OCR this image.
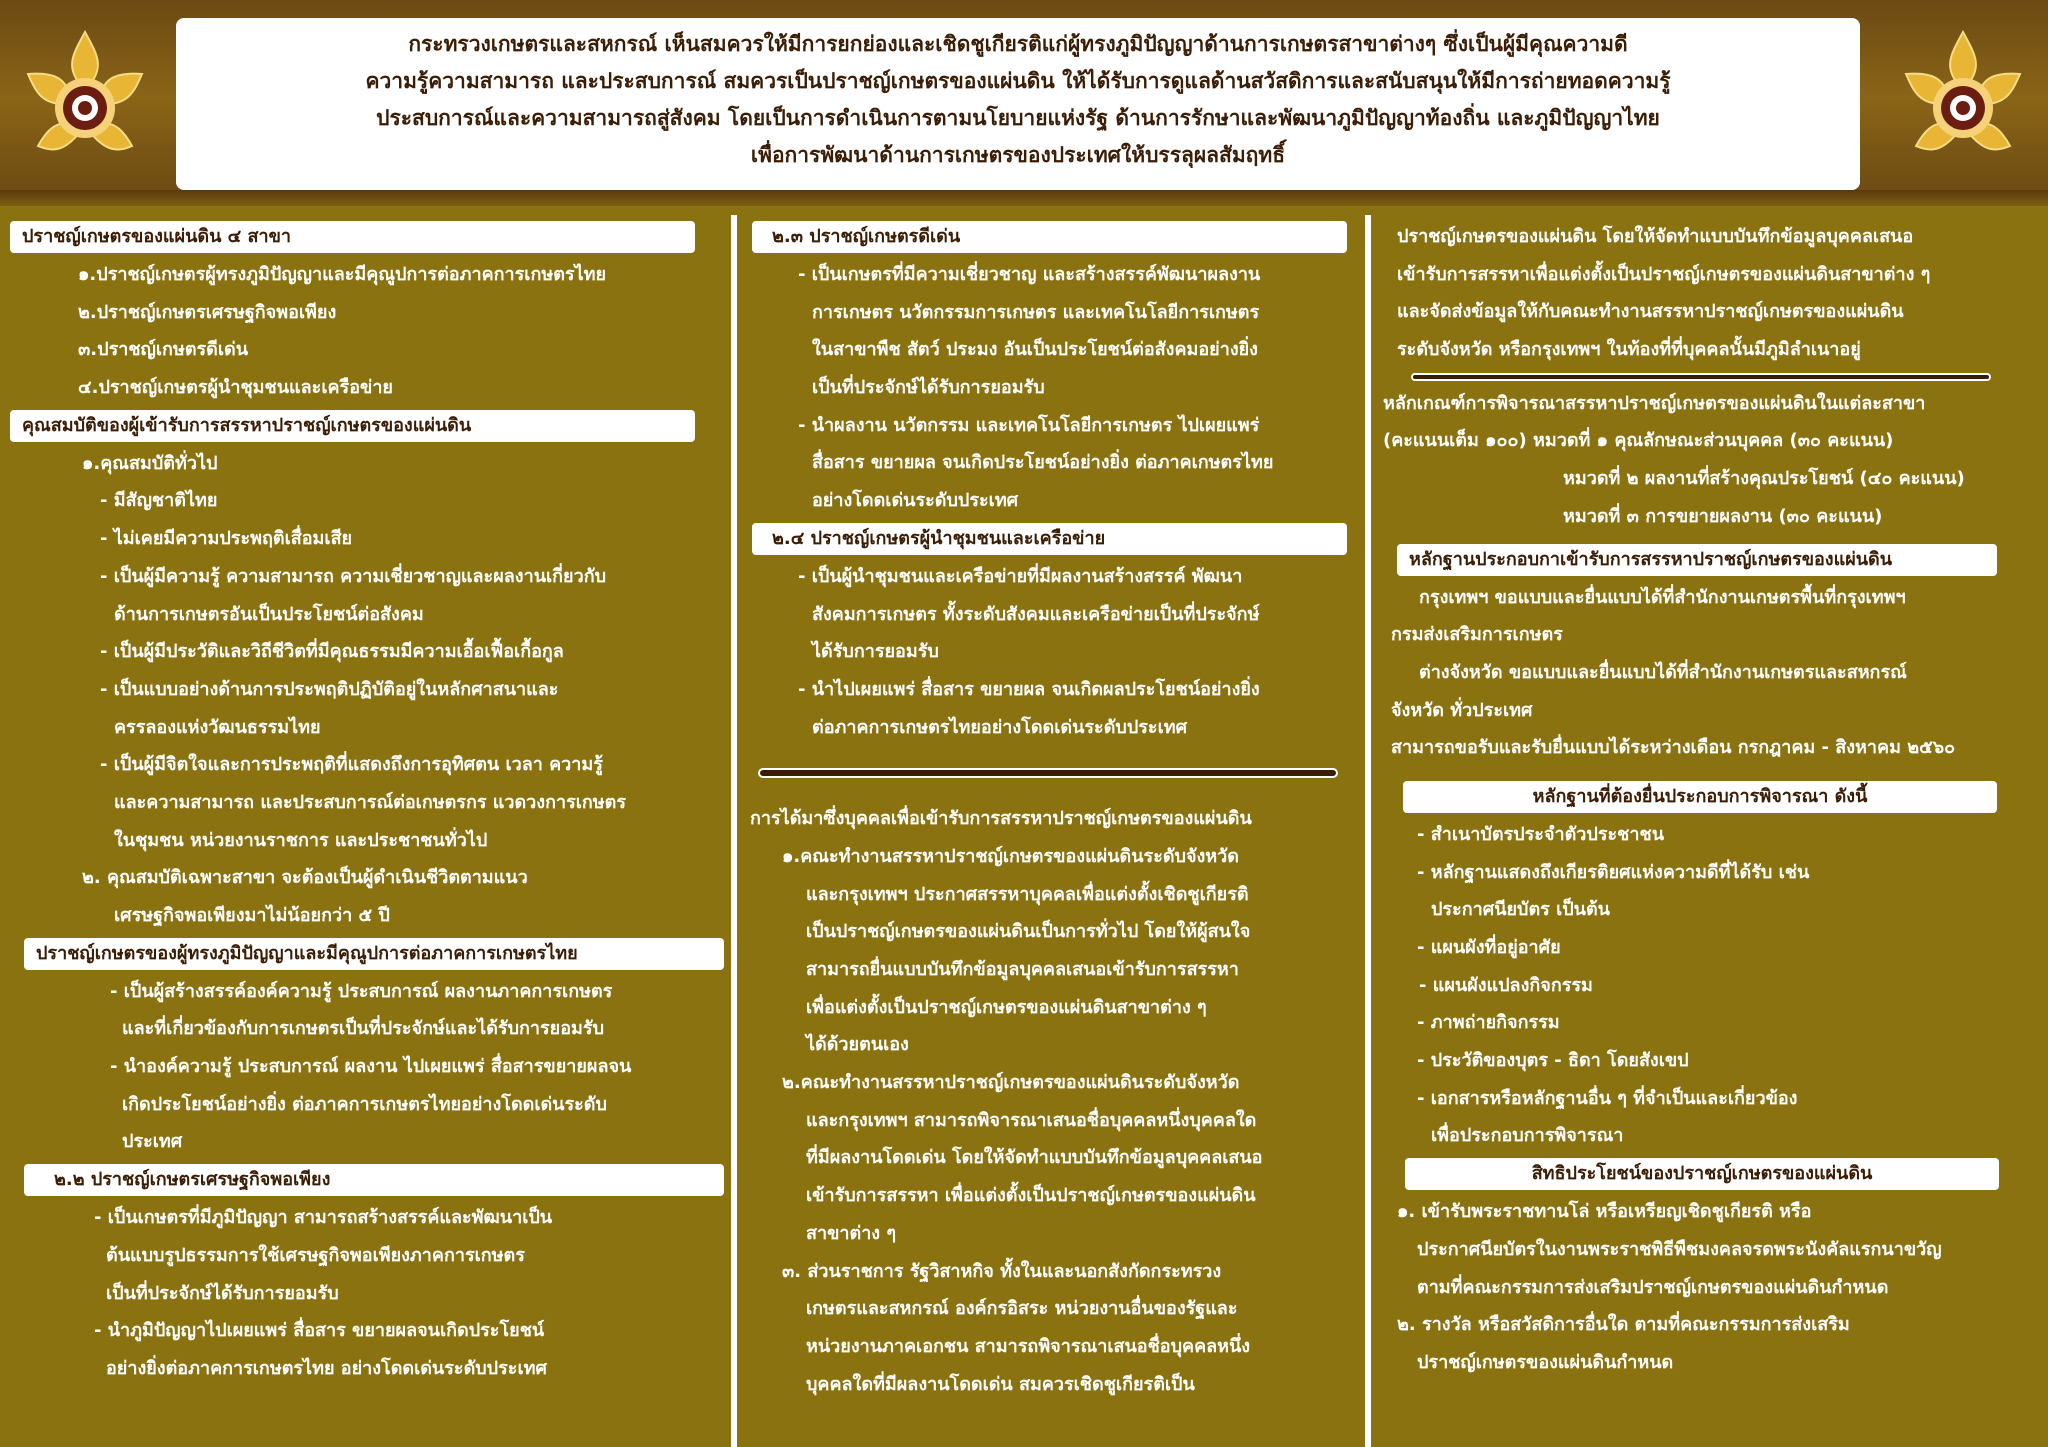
กระทรวงเกษตรและสหกรณ์ เห็นสมควรให้มีการยกย่องและเชิดชูเกียรติแก่ผู้ทรงภูมิปัญญาด้านการเกษตรสาขาต่างๆ ซึ่งเป็นผู้มีคุณความดี
ความรู้ความสามารถ และประสบการณ์ สมควรเป็นปราชญ์เกษตรของแผ่นดิน ให้ได้รับการดูแลด้านสวัสดิการและสนับสนุนให้มีการถ่ายทอดความรู้
ประสบการณ์และความสามารถสู่สังคม โดยเป็นการดำเนินการตามนโยบายแห่งรัฐ ด้านการรักษาและพัฒนาภูมิปัญญาท้องถิ่น และภูมิปัญญาไทย
เพื่อการพัฒนาด้านการเกษตรของประเทศให้บรรลุผลสัมฤทธิ์
ปราชญ์เกษตรของแผ่นดิน ๔ สาขา
๑.ปราชญ์เกษตรผู้ทรงภูมิปัญญาและมีคุณูปการต่อภาคการเกษตรไทย
๒.ปราชญ์เกษตรเศรษฐกิจพอเพียง
๓.ปราชญ์เกษตรดีเด่น
๔.ปราชญ์เกษตรผู้นำชุมชนและเครือข่าย
คุณสมบัติของผู้เข้ารับการสรรหาปราชญ์เกษตรของแผ่นดิน
๑.คุณสมบัติทั่วไป
- มีสัญชาติไทย
- ไม่เคยมีความประพฤติเสื่อมเสีย
- เป็นผู้มีความรู้ ความสามารถ ความเชี่ยวชาญและผลงานเกี่ยวกับ
ด้านการเกษตรอันเป็นประโยชน์ต่อสังคม
- เป็นผู้มีประวัติและวิถีชีวิตที่มีคุณธรรมมีความเอื้อเฟื้อเกื้อกูล
- เป็นแบบอย่างด้านการประพฤติปฏิบัติอยู่ในหลักศาสนาและ
ครรลองแห่งวัฒนธรรมไทย
- เป็นผู้มีจิตใจและการประพฤติที่แสดงถึงการอุทิศตน เวลา ความรู้
และความสามารถ และประสบการณ์ต่อเกษตรกร แวดวงการเกษตร
ในชุมชน หน่วยงานราชการ และประชาชนทั่วไป
๒. คุณสมบัติเฉพาะสาขา จะต้องเป็นผู้ดำเนินชีวิตตามแนว
เศรษฐกิจพอเพียงมาไม่น้อยกว่า ๕ ปี
ปราชญ์เกษตรของผู้ทรงภูมิปัญญาและมีคุณูปการต่อภาคการเกษตรไทย
- เป็นผู้สร้างสรรค์องค์ความรู้ ประสบการณ์ ผลงานภาคการเกษตร
และที่เกี่ยวข้องกับการเกษตรเป็นที่ประจักษ์และได้รับการยอมรับ
- นำองค์ความรู้ ประสบการณ์ ผลงาน ไปเผยแพร่ สื่อสารขยายผลจน
เกิดประโยชน์อย่างยิ่ง ต่อภาคการเกษตรไทยอย่างโดดเด่นระดับ
ประเทศ
๒.๒ ปราชญ์เกษตรเศรษฐกิจพอเพียง
- เป็นเกษตรที่มีภูมิปัญญา สามารถสร้างสรรค์และพัฒนาเป็น
ต้นแบบรูปธรรมการใช้เศรษฐกิจพอเพียงภาคการเกษตร
เป็นที่ประจักษ์ได้รับการยอมรับ
- นำภูมิปัญญาไปเผยแพร่ สื่อสาร ขยายผลจนเกิดประโยชน์
อย่างยิ่งต่อภาคการเกษตรไทย อย่างโดดเด่นระดับประเทศ
๒.๓ ปราชญ์เกษตรดีเด่น
- เป็นเกษตรที่มีความเชี่ยวชาญ และสร้างสรรค์พัฒนาผลงาน
การเกษตร นวัตกรรมการเกษตร และเทคโนโลยีการเกษตร
ในสาขาพืช สัตว์ ประมง อันเป็นประโยชน์ต่อสังคมอย่างยิ่ง
เป็นที่ประจักษ์ได้รับการยอมรับ
- นำผลงาน นวัตกรรม และเทคโนโลยีการเกษตร ไปเผยแพร่
สื่อสาร ขยายผล จนเกิดประโยชน์อย่างยิ่ง ต่อภาคเกษตรไทย
อย่างโดดเด่นระดับประเทศ
๒.๔ ปราชญ์เกษตรผู้นำชุมชนและเครือข่าย
- เป็นผู้นำชุมชนและเครือข่ายที่มีผลงานสร้างสรรค์ พัฒนา
สังคมการเกษตร ทั้งระดับสังคมและเครือข่ายเป็นที่ประจักษ์
ได้รับการยอมรับ
- นำไปเผยแพร่ สื่อสาร ขยายผล จนเกิดผลประโยชน์อย่างยิ่ง
ต่อภาคการเกษตรไทยอย่างโดดเด่นระดับประเทศ
การได้มาซึ่งบุคคลเพื่อเข้ารับการสรรหาปราชญ์เกษตรของแผ่นดิน
๑.คณะทำงานสรรหาปราชญ์เกษตรของแผ่นดินระดับจังหวัด
และกรุงเทพฯ ประกาศสรรหาบุคคลเพื่อแต่งตั้งเชิดชูเกียรติ
เป็นปราชญ์เกษตรของแผ่นดินเป็นการทั่วไป โดยให้ผู้สนใจ
สามารถยื่นแบบบันทึกข้อมูลบุคคลเสนอเข้ารับการสรรหา
เพื่อแต่งตั้งเป็นปราชญ์เกษตรของแผ่นดินสาขาต่าง ๆ
ได้ด้วยตนเอง
๒.คณะทำงานสรรหาปราชญ์เกษตรของแผ่นดินระดับจังหวัด
และกรุงเทพฯ สามารถพิจารณาเสนอชื่อบุคคลหนึ่งบุคคลใด
ที่มีผลงานโดดเด่น โดยให้จัดทำแบบบันทึกข้อมูลบุคคลเสนอ
เข้ารับการสรรหา เพื่อแต่งตั้งเป็นปราชญ์เกษตรของแผ่นดิน
สาขาต่าง ๆ
๓. ส่วนราชการ รัฐวิสาหกิจ ทั้งในและนอกสังกัดกระทรวง
เกษตรและสหกรณ์ องค์กรอิสระ หน่วยงานอื่นของรัฐและ
หน่วยงานภาคเอกชน สามารถพิจารณาเสนอชื่อบุคคลหนึ่ง
บุคคลใดที่มีผลงานโดดเด่น สมควรเชิดชูเกียรติเป็น
ปราชญ์เกษตรของแผ่นดิน โดยให้จัดทำแบบบันทึกข้อมูลบุคคลเสนอ
เข้ารับการสรรหาเพื่อแต่งตั้งเป็นปราชญ์เกษตรของแผ่นดินสาขาต่าง ๆ
และจัดส่งข้อมูลให้กับคณะทำงานสรรหาปราชญ์เกษตรของแผ่นดิน
ระดับจังหวัด หรือกรุงเทพฯ ในท้องที่ที่บุคคลนั้นมีภูมิลำเนาอยู่
หลักเกณฑ์การพิจารณาสรรหาปราชญ์เกษตรของแผ่นดินในแต่ละสาขา
(คะแนนเต็ม ๑๐๐) หมวดที่ ๑ คุณลักษณะส่วนบุคคล (๓๐ คะแนน)
หมวดที่ ๒ ผลงานที่สร้างคุณประโยชน์ (๔๐ คะแนน)
หมวดที่ ๓ การขยายผลงาน (๓๐ คะแนน)
หลักฐานประกอบกาเข้ารับการสรรหาปราชญ์เกษตรของแผ่นดิน
กรุงเทพฯ ขอแบบและยื่นแบบได้ที่สำนักงานเกษตรพื้นที่กรุงเทพฯ
กรมส่งเสริมการเกษตร
ต่างจังหวัด ขอแบบและยื่นแบบได้ที่สำนักงานเกษตรและสหกรณ์
จังหวัด ทั่วประเทศ
สามารถขอรับและรับยื่นแบบได้ระหว่างเดือน กรกฎาคม - สิงหาคม ๒๕๖๐
หลักฐานที่ต้องยื่นประกอบการพิจารณา ดังนี้
- สำเนาบัตรประจำตัวประชาชน
- หลักฐานแสดงถึงเกียรติยศแห่งความดีที่ได้รับ เช่น
ประกาศนียบัตร เป็นต้น
- แผนผังที่อยู่อาศัย
- แผนผังแปลงกิจกรรม
- ภาพถ่ายกิจกรรม
- ประวัติของบุตร - ธิดา โดยสังเขป
- เอกสารหรือหลักฐานอื่น ๆ ที่จำเป็นและเกี่ยวข้อง
เพื่อประกอบการพิจารณา
สิทธิประโยชน์ของปราชญ์เกษตรของแผ่นดิน
๑. เข้ารับพระราชทานโล่ หรือเหรียญเชิดชูเกียรติ หรือ
ประกาศนียบัตรในงานพระราชพิธีพืชมงคลจรดพระนังคัลแรกนาขวัญ
ตามที่คณะกรรมการส่งเสริมปราชญ์เกษตรของแผ่นดินกำหนด
๒. รางวัล หรือสวัสดิการอื่นใด ตามที่คณะกรรมการส่งเสริม
ปราชญ์เกษตรของแผ่นดินกำหนด
